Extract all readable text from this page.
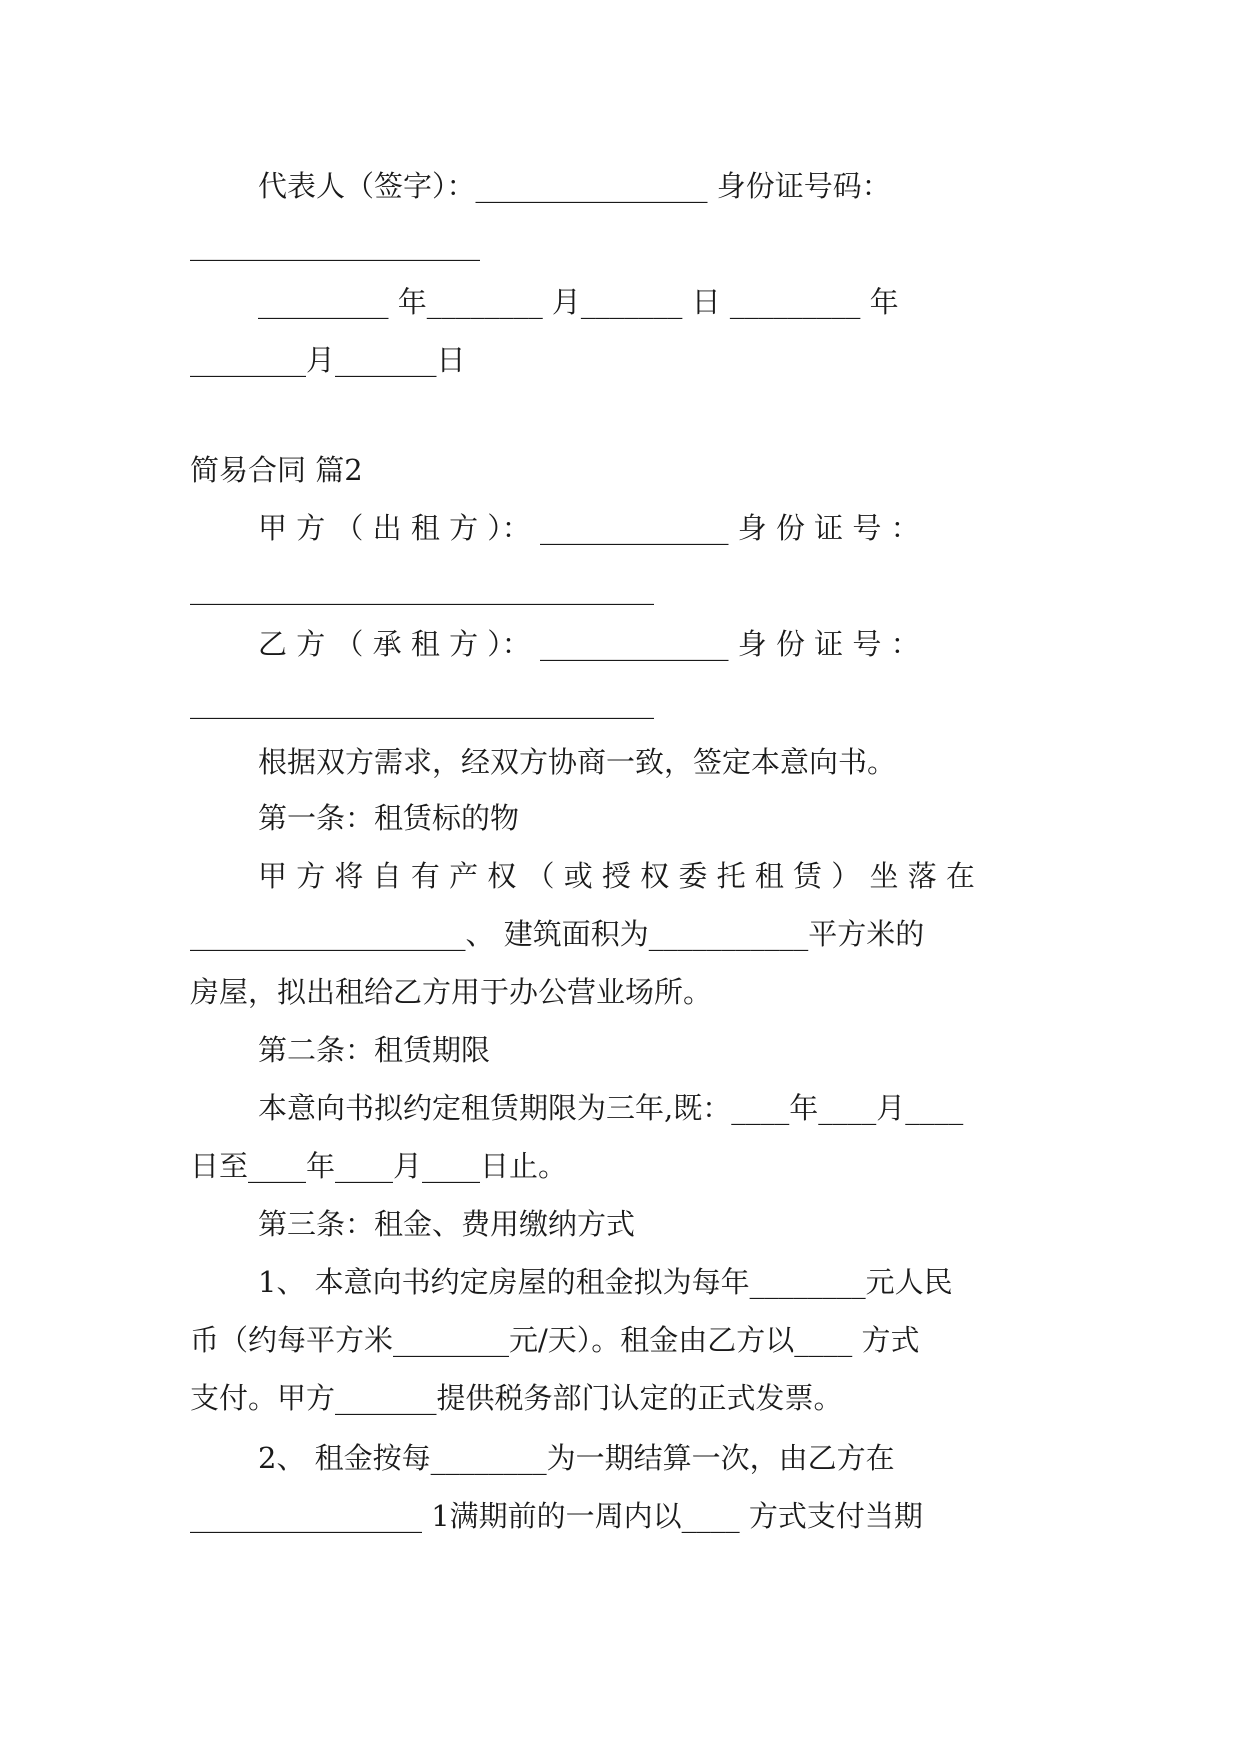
代表人（签字）：________________ 身份证号码：
____________________
_________ 年________ 月_______ 日 _________ 年
________月_______日
简易合同 篇2
甲 方 （ 出 租 方 ）： _____________ 身 份 证 号 ：
________________________________
乙 方 （ 承 租 方 ）： _____________ 身 份 证 号 ：
________________________________
根据双方需求，经双方协商一致，签定本意向书。
第一条：租赁标的物
甲 方 将 自 有 产 权 （ 或 授 权 委 托 租 赁 ） 坐 落 在
___________________、 建筑面积为___________平方米的
房屋，拟出租给乙方用于办公营业场所。
第二条：租赁期限
本意向书拟约定租赁期限为三年,既：____年____月____
日至____年____月____日止。
第三条：租金、费用缴纳方式
1、 本意向书约定房屋的租金拟为每年________元人民
币（约每平方米________元/天）。租金由乙方以____ 方式
支付。甲方_______提供税务部门认定的正式发票。
2、 租金按每________为一期结算一次，由乙方在
________________ 1满期前的一周内以____ 方式支付当期
